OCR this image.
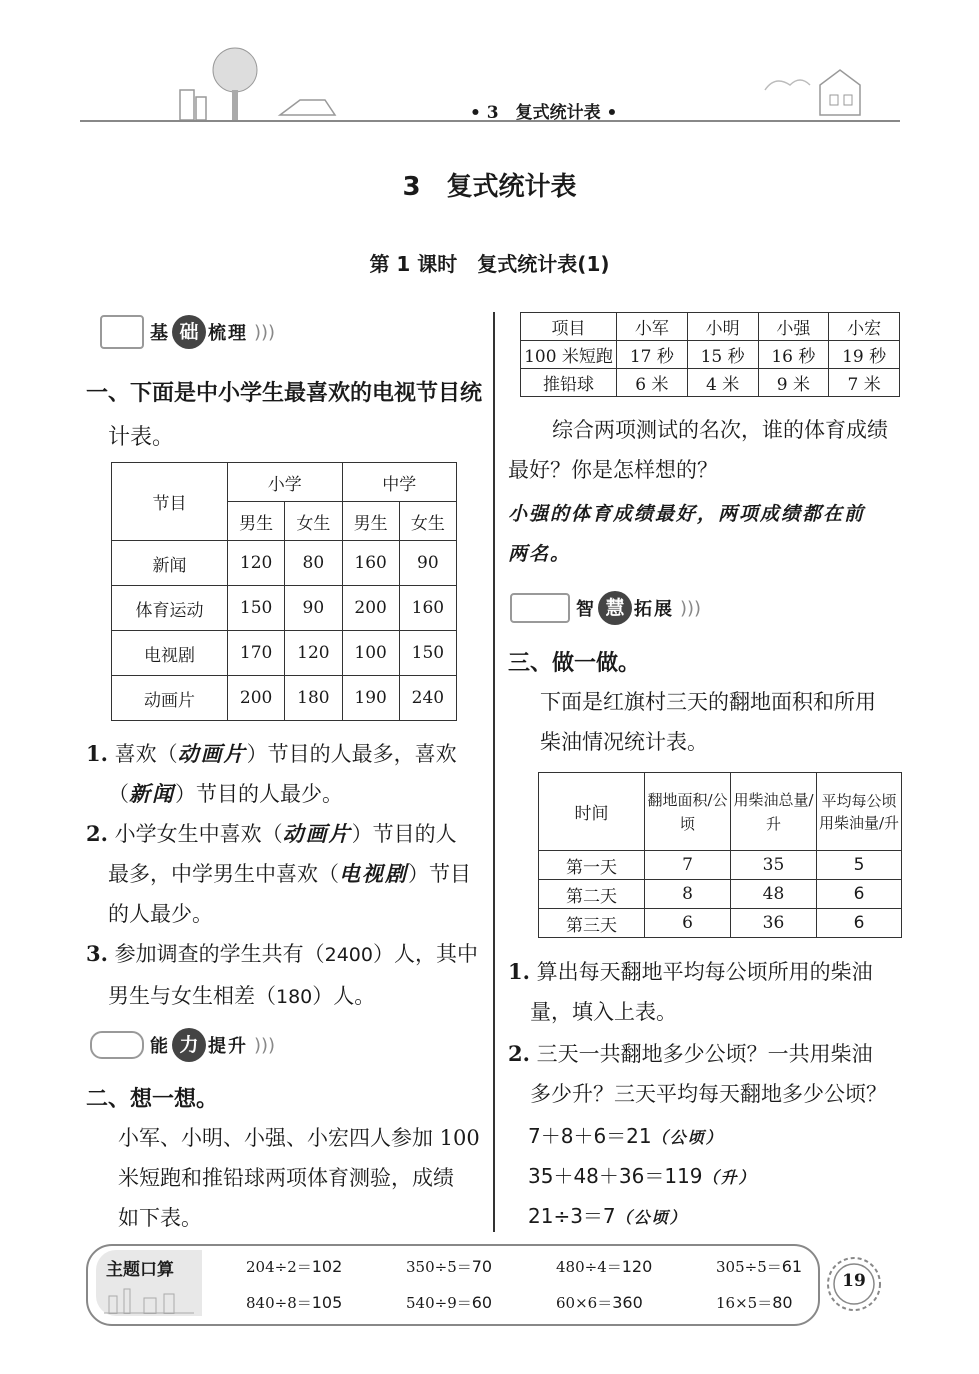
• 3　复式统计表 •
3　复式统计表
第 1 课时　复式统计表(1)
基 础 梳理 )))
一、下面是中小学生最喜欢的电视节目统
计表。
节目	小学		中学	
	男生	女生	男生	女生
新闻	120	80	160	90
体育运动	150	90	200	160
电视剧	170	120	100	150
动画片	200	180	190	240
1. 喜欢（动画片）节目的人最多，喜欢
（新闻）节目的人最少。
2. 小学女生中喜欢（动画片）节目的人
最多，中学男生中喜欢（电视剧）节目
的人最少。
3. 参加调查的学生共有（2400）人，其中
男生与女生相差（180）人。
能 力 提升 )))
二、想一想。
小军、小明、小强、小宏四人参加 100
米短跑和推铅球两项体育测验，成绩
如下表。
项目	小军	小明	小强	小宏
100 米短跑	17 秒	15 秒	16 秒	19 秒
推铅球	6 米	4 米	9 米	7 米
综合两项测试的名次，谁的体育成绩
最好？你是怎样想的？
小强的体育成绩最好，两项成绩都在前
两名。
智 慧 拓展 )))
三、做一做。
下面是红旗村三天的翻地面积和所用
柴油情况统计表。
时间	翻地面积/公顷	用柴油总量/升	平均每公顷用柴油量/升
第一天	7	35	5
第二天	8	48	6
第三天	6	36	6
1. 算出每天翻地平均每公顷所用的柴油
量，填入上表。
2. 三天一共翻地多少公顷？一共用柴油
多少升？三天平均每天翻地多少公顷？
7＋8＋6＝21（公顷）
35＋48＋36＝119（升）
21÷3＝7（公顷）
主题口算	204÷2＝102	350÷5＝70	480÷4＝120	305÷5＝61
840÷8＝105	540÷9＝60	60×6＝360	16×5＝80
19
